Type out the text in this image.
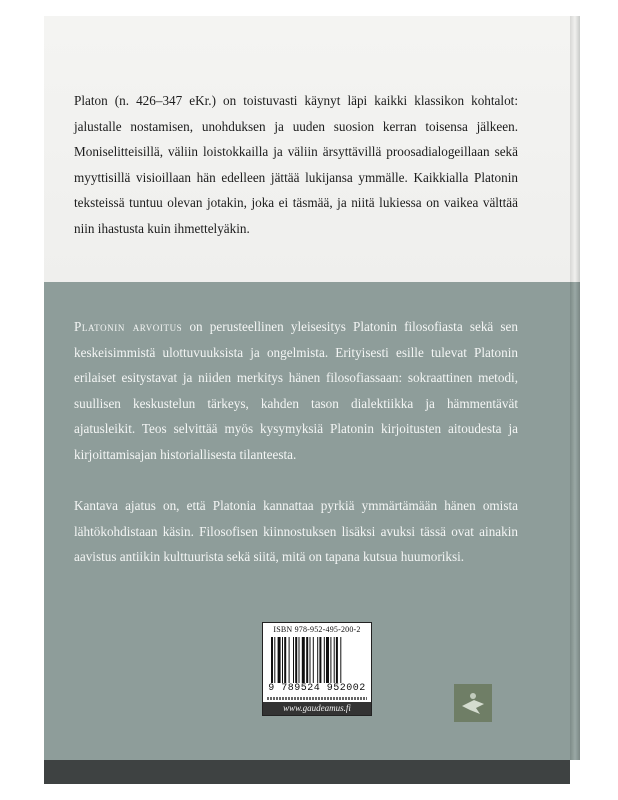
Platon (n. 426–347 eKr.) on toistuvasti käynyt läpi kaikki klassikon kohtalot: jalustalle nostamisen, unohduksen ja uuden suosion kerran toisensa jälkeen. Moniselitteisillä, väliin loistokkailla ja väliin ärsyttävillä proosadialogeillaan sekä myyttisillä visioillaan hän edelleen jättää lukijansa ymmälle. Kaikkialla Platonin teksteissä tuntuu olevan jotakin, joka ei täsmää, ja niitä lukiessa on vaikea välttää niin ihastusta kuin ihmettelyäkin.

Platonin arvoitus on perusteellinen yleisesitys Platonin filosofiasta sekä sen keskeisimmistä ulottuvuuksista ja ongelmista. Erityisesti esille tulevat Platonin erilaiset esitystavat ja niiden merkitys hänen filosofiassaan: sokraattinen metodi, suullisen keskustelun tärkeys, kahden tason dialektiikka ja hämmentävät ajatusleikit. Teos selvittää myös kysymyksiä Platonin kirjoitusten aitoudesta ja kirjoittamisajan historiallisesta tilanteesta.

Kantava ajatus on, että Platonia kannattaa pyrkiä ymmärtämään hänen omista lähtökohdistaan käsin. Filosofisen kiinnostuksen lisäksi avuksi tässä ovat ainakin aavistus antiikin kulttuurista sekä siitä, mitä on tapana kutsua huumoriksi.

ISBN 978-952-495-200-2
9 789524 952002
www.gaudeamus.fi
